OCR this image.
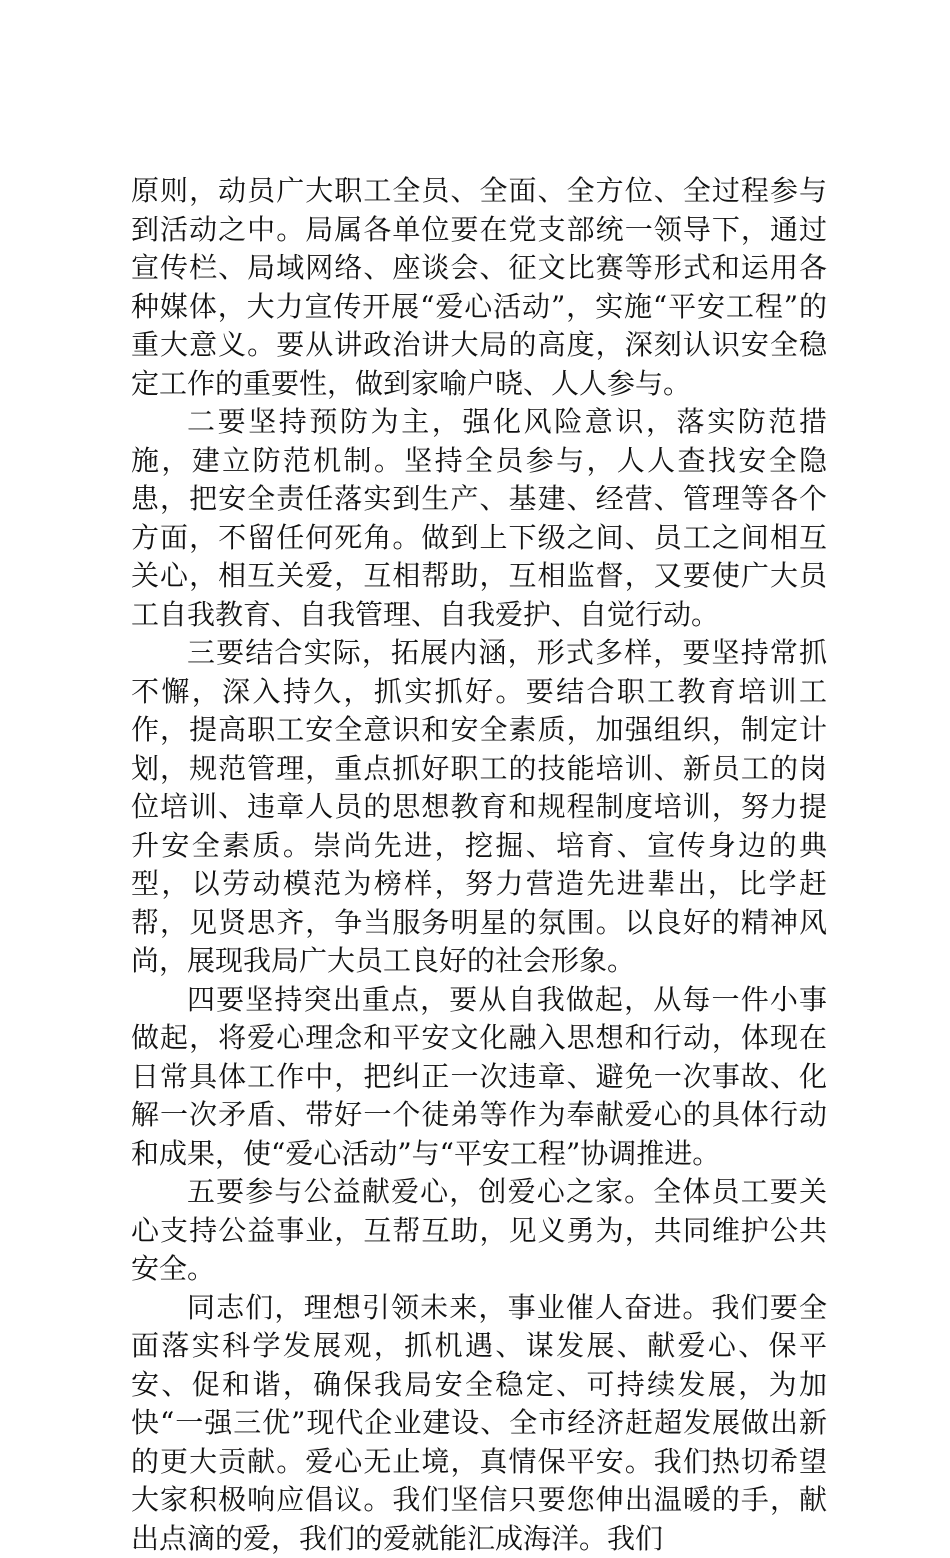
原则，动员广大职工全员、全面、全方位、全过程参与到活动之中。局属各单位要在党支部统一领导下，通过宣传栏、局域网络、座谈会、征文比赛等形式和运用各种媒体，大力宣传开展“爱心活动”，实施“平安工程”的重大意义。要从讲政治讲大局的高度，深刻认识安全稳定工作的重要性，做到家喻户晓、人人参与。

二要坚持预防为主，强化风险意识，落实防范措施，建立防范机制。坚持全员参与，人人查找安全隐患，把安全责任落实到生产、基建、经营、管理等各个方面，不留任何死角。做到上下级之间、员工之间相互关心，相互关爱，互相帮助，互相监督，又要使广大员工自我教育、自我管理、自我爱护、自觉行动。

三要结合实际，拓展内涵，形式多样，要坚持常抓不懈，深入持久，抓实抓好。要结合职工教育培训工作，提高职工安全意识和安全素质，加强组织，制定计划，规范管理，重点抓好职工的技能培训、新员工的岗位培训、违章人员的思想教育和规程制度培训，努力提升安全素质。崇尚先进，挖掘、培育、宣传身边的典型，以劳动模范为榜样，努力营造先进辈出，比学赶帮，见贤思齐，争当服务明星的氛围。以良好的精神风尚，展现我局广大员工良好的社会形象。

四要坚持突出重点，要从自我做起，从每一件小事做起，将爱心理念和平安文化融入思想和行动，体现在日常具体工作中，把纠正一次违章、避免一次事故、化解一次矛盾、带好一个徒弟等作为奉献爱心的具体行动和成果，使“爱心活动”与“平安工程”协调推进。

五要参与公益献爱心，创爱心之家。全体员工要关心支持公益事业，互帮互助，见义勇为，共同维护公共安全。

同志们，理想引领未来，事业催人奋进。我们要全面落实科学发展观，抓机遇、谋发展、献爱心、保平安、促和谐，确保我局安全稳定、可持续发展，为加快“一强三优”现代企业建设、全市经济赶超发展做出新的更大贡献。爱心无止境，真情保平安。我们热切希望大家积极响应倡议。我们坚信只要您伸出温暖的手，献出点滴的爱，我们的爱就能汇成海洋。我们
